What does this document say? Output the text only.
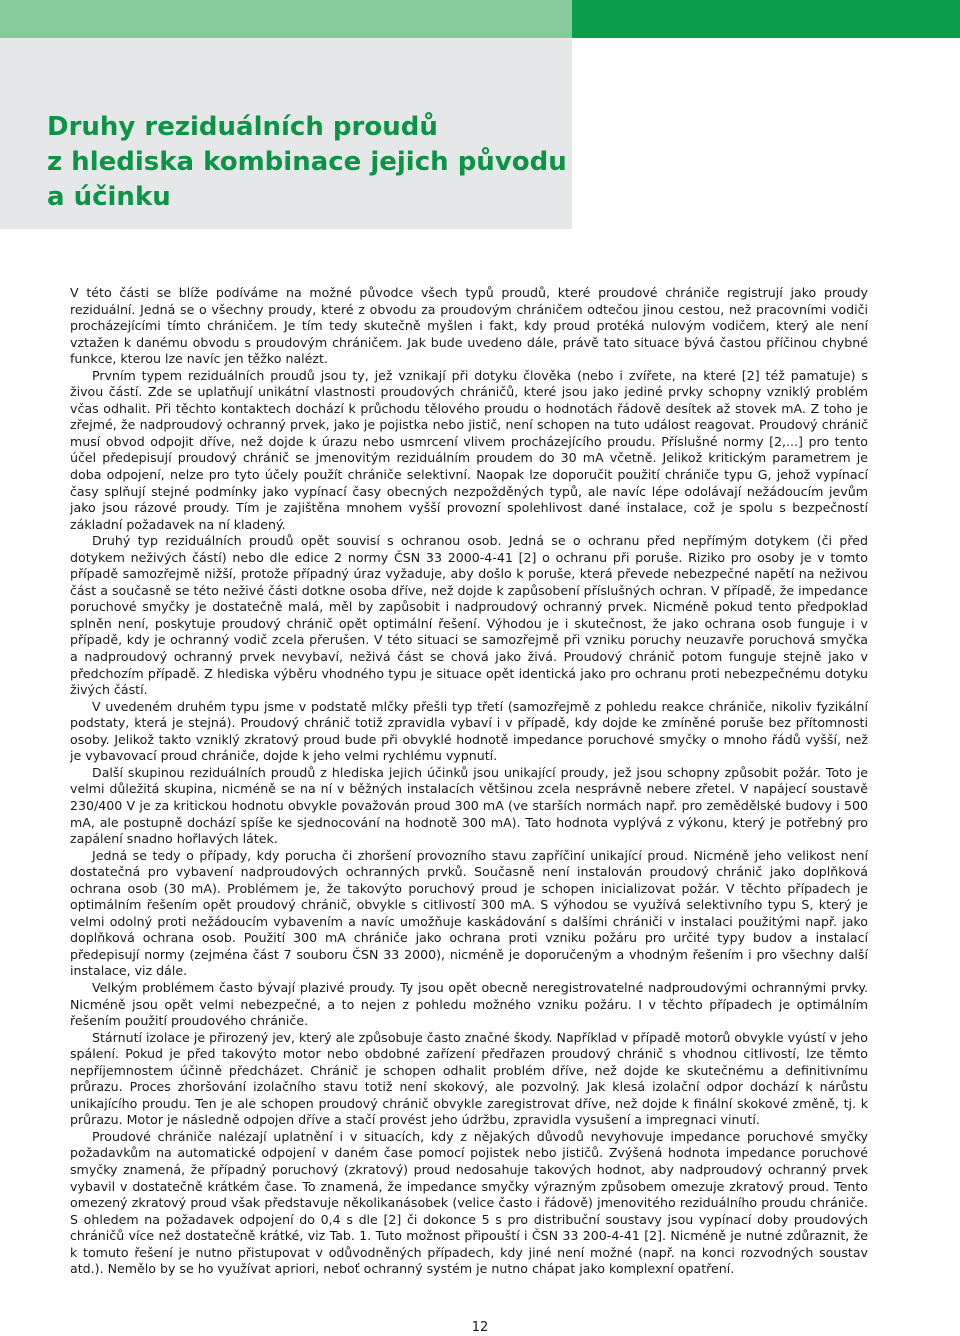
Druhy reziduálních proudů
z hlediska kombinace jejich původu
a účinku

V této části se blíže podíváme na možné původce všech typů proudů, které proudové chrániče registrují jako proudy reziduální. Jedná se o všechny proudy, které z obvodu za proudovým chráničem odtečou jinou cestou, než pracovními vodiči procházejícími tímto chráničem. Je tím tedy skutečně myšlen i fakt, kdy proud protéká nulovým vodičem, který ale není vztažen k danému obvodu s proudovým chráničem. Jak bude uvedeno dále, právě tato situace bývá častou příčinou chybné funkce, kterou lze navíc jen těžko nalézt.

Prvním typem reziduálních proudů jsou ty, jež vznikají při dotyku člověka (nebo i zvířete, na které [2] též pamatuje) s živou částí. Zde se uplatňují unikátní vlastnosti proudových chráničů, které jsou jako jediné prvky schopny vzniklý problém včas odhalit. Při těchto kontaktech dochází k průchodu tělového proudu o hodnotách řádově desítek až stovek mA. Z toho je zřejmé, že nadproudový ochranný prvek, jako je pojistka nebo jistič, není schopen na tuto událost reagovat. Proudový chránič musí obvod odpojit dříve, než dojde k úrazu nebo usmrcení vlivem procházejícího proudu. Příslušné normy [2,...] pro tento účel předepisují proudový chránič se jmenovitým reziduálním proudem do 30 mA včetně. Jelikož kritickým parametrem je doba odpojení, nelze pro tyto účely použít chrániče selektivní. Naopak lze doporučit použití chrániče typu G, jehož vypínací časy splňují stejné podmínky jako vypínací časy obecných nezpožděných typů, ale navíc lépe odolávají nežádoucím jevům jako jsou rázové proudy. Tím je zajištěna mnohem vyšší provozní spolehlivost dané instalace, což je spolu s bezpečností základní požadavek na ní kladený.

Druhý typ reziduálních proudů opět souvisí s ochranou osob. Jedná se o ochranu před nepřímým dotykem (či před dotykem neživých částí) nebo dle edice 2 normy ČSN 33 2000-4-41 [2] o ochranu při poruše. Riziko pro osoby je v tomto případě samozřejmě nižší, protože případný úraz vyžaduje, aby došlo k poruše, která převede nebezpečné napětí na neživou část a současně se této neživé části dotkne osoba dříve, než dojde k zapůsobení příslušných ochran. V případě, že impedance poruchové smyčky je dostatečně malá, měl by zapůsobit i nadproudový ochranný prvek. Nicméně pokud tento předpoklad splněn není, poskytuje proudový chránič opět optimální řešení. Výhodou je i skutečnost, že jako ochrana osob funguje i v případě, kdy je ochranný vodič zcela přerušen. V této situaci se samozřejmě při vzniku poruchy neuzavře poruchová smyčka a nadproudový ochranný prvek nevybaví, neživá část se chová jako živá. Proudový chránič potom funguje stejně jako v předchozím případě. Z hlediska výběru vhodného typu je situace opět identická jako pro ochranu proti nebezpečnému dotyku živých částí.

V uvedeném druhém typu jsme v podstatě mlčky přešli typ třetí (samozřejmě z pohledu reakce chrániče, nikoliv fyzikální podstaty, která je stejná). Proudový chránič totiž zpravidla vybaví i v případě, kdy dojde ke zmíněné poruše bez přítomnosti osoby. Jelikož takto vzniklý zkratový proud bude při obvyklé hodnotě impedance poruchové smyčky o mnoho řádů vyšší, než je vybavovací proud chrániče, dojde k jeho velmi rychlému vypnutí.

Další skupinou reziduálních proudů z hlediska jejich účinků jsou unikající proudy, jež jsou schopny způsobit požár. Toto je velmi důležitá skupina, nicméně se na ní v běžných instalacích většinou zcela nesprávně nebere zřetel. V napájecí soustavě 230/400 V je za kritickou hodnotu obvykle považován proud 300 mA (ve starších normách např. pro zemědělské budovy i 500 mA, ale postupně dochází spíše ke sjednocování na hodnotě 300 mA). Tato hodnota vyplývá z výkonu, který je potřebný pro zapálení snadno hořlavých látek.

Jedná se tedy o případy, kdy porucha či zhoršení provozního stavu zapříčiní unikající proud. Nicméně jeho velikost není dostatečná pro vybavení nadproudových ochranných prvků. Současně není instalován proudový chránič jako doplňková ochrana osob (30 mA). Problémem je, že takovýto poruchový proud je schopen inicializovat požár. V těchto případech je optimálním řešením opět proudový chránič, obvykle s citlivostí 300 mA. S výhodou se využívá selektivního typu S, který je velmi odolný proti nežádoucím vybavením a navíc umožňuje kaskádování s dalšími chrániči v instalaci použitými např. jako doplňková ochrana osob. Použití 300 mA chrániče jako ochrana proti vzniku požáru pro určité typy budov a instalací předepisují normy (zejména část 7 souboru ČSN 33 2000), nicméně je doporučeným a vhodným řešením i pro všechny další instalace, viz dále.

Velkým problémem často bývají plazivé proudy. Ty jsou opět obecně neregistrovatelné nadproudovými ochrannými prvky. Nicméně jsou opět velmi nebezpečné, a to nejen z pohledu možného vzniku požáru. I v těchto případech je optimálním řešením použití proudového chrániče.

Stárnutí izolace je přirozený jev, který ale způsobuje často značné škody. Například v případě motorů obvykle vyústí v jeho spálení. Pokud je před takovýto motor nebo obdobné zařízení předřazen proudový chránič s vhodnou citlivostí, lze těmto nepříjemnostem účinně předcházet. Chránič je schopen odhalit problém dříve, než dojde ke skutečnému a definitivnímu průrazu. Proces zhoršování izolačního stavu totiž není skokový, ale pozvolný. Jak klesá izolační odpor dochází k nárůstu unikajícího proudu. Ten je ale schopen proudový chránič obvykle zaregistrovat dříve, než dojde k finální skokové změně, tj. k průrazu. Motor je následně odpojen dříve a stačí provést jeho údržbu, zpravidla vysušení a impregnaci vinutí.

Proudové chrániče nalézají uplatnění i v situacích, kdy z nějakých důvodů nevyhovuje impedance poruchové smyčky požadavkům na automatické odpojení v daném čase pomocí pojistek nebo jističů. Zvýšená hodnota impedance poruchové smyčky znamená, že případný poruchový (zkratový) proud nedosahuje takových hodnot, aby nadproudový ochranný prvek vybavil v dostatečně krátkém čase. To znamená, že impedance smyčky výrazným způsobem omezuje zkratový proud. Tento omezený zkratový proud však představuje několikanásobek (velice často i řádově) jmenovitého reziduálního proudu chrániče. S ohledem na požadavek odpojení do 0,4 s dle [2] či dokonce 5 s pro distribuční soustavy jsou vypínací doby proudových chráničů více než dostatečně krátké, viz Tab. 1. Tuto možnost připouští i ČSN 33 200-4-41 [2]. Nicméně je nutné zdůraznit, že k tomuto řešení je nutno přistupovat v odůvodněných případech, kdy jiné není možné (např. na konci rozvodných soustav atd.). Nemělo by se ho využívat apriori, neboť ochranný systém je nutno chápat jako komplexní opatření.

12
